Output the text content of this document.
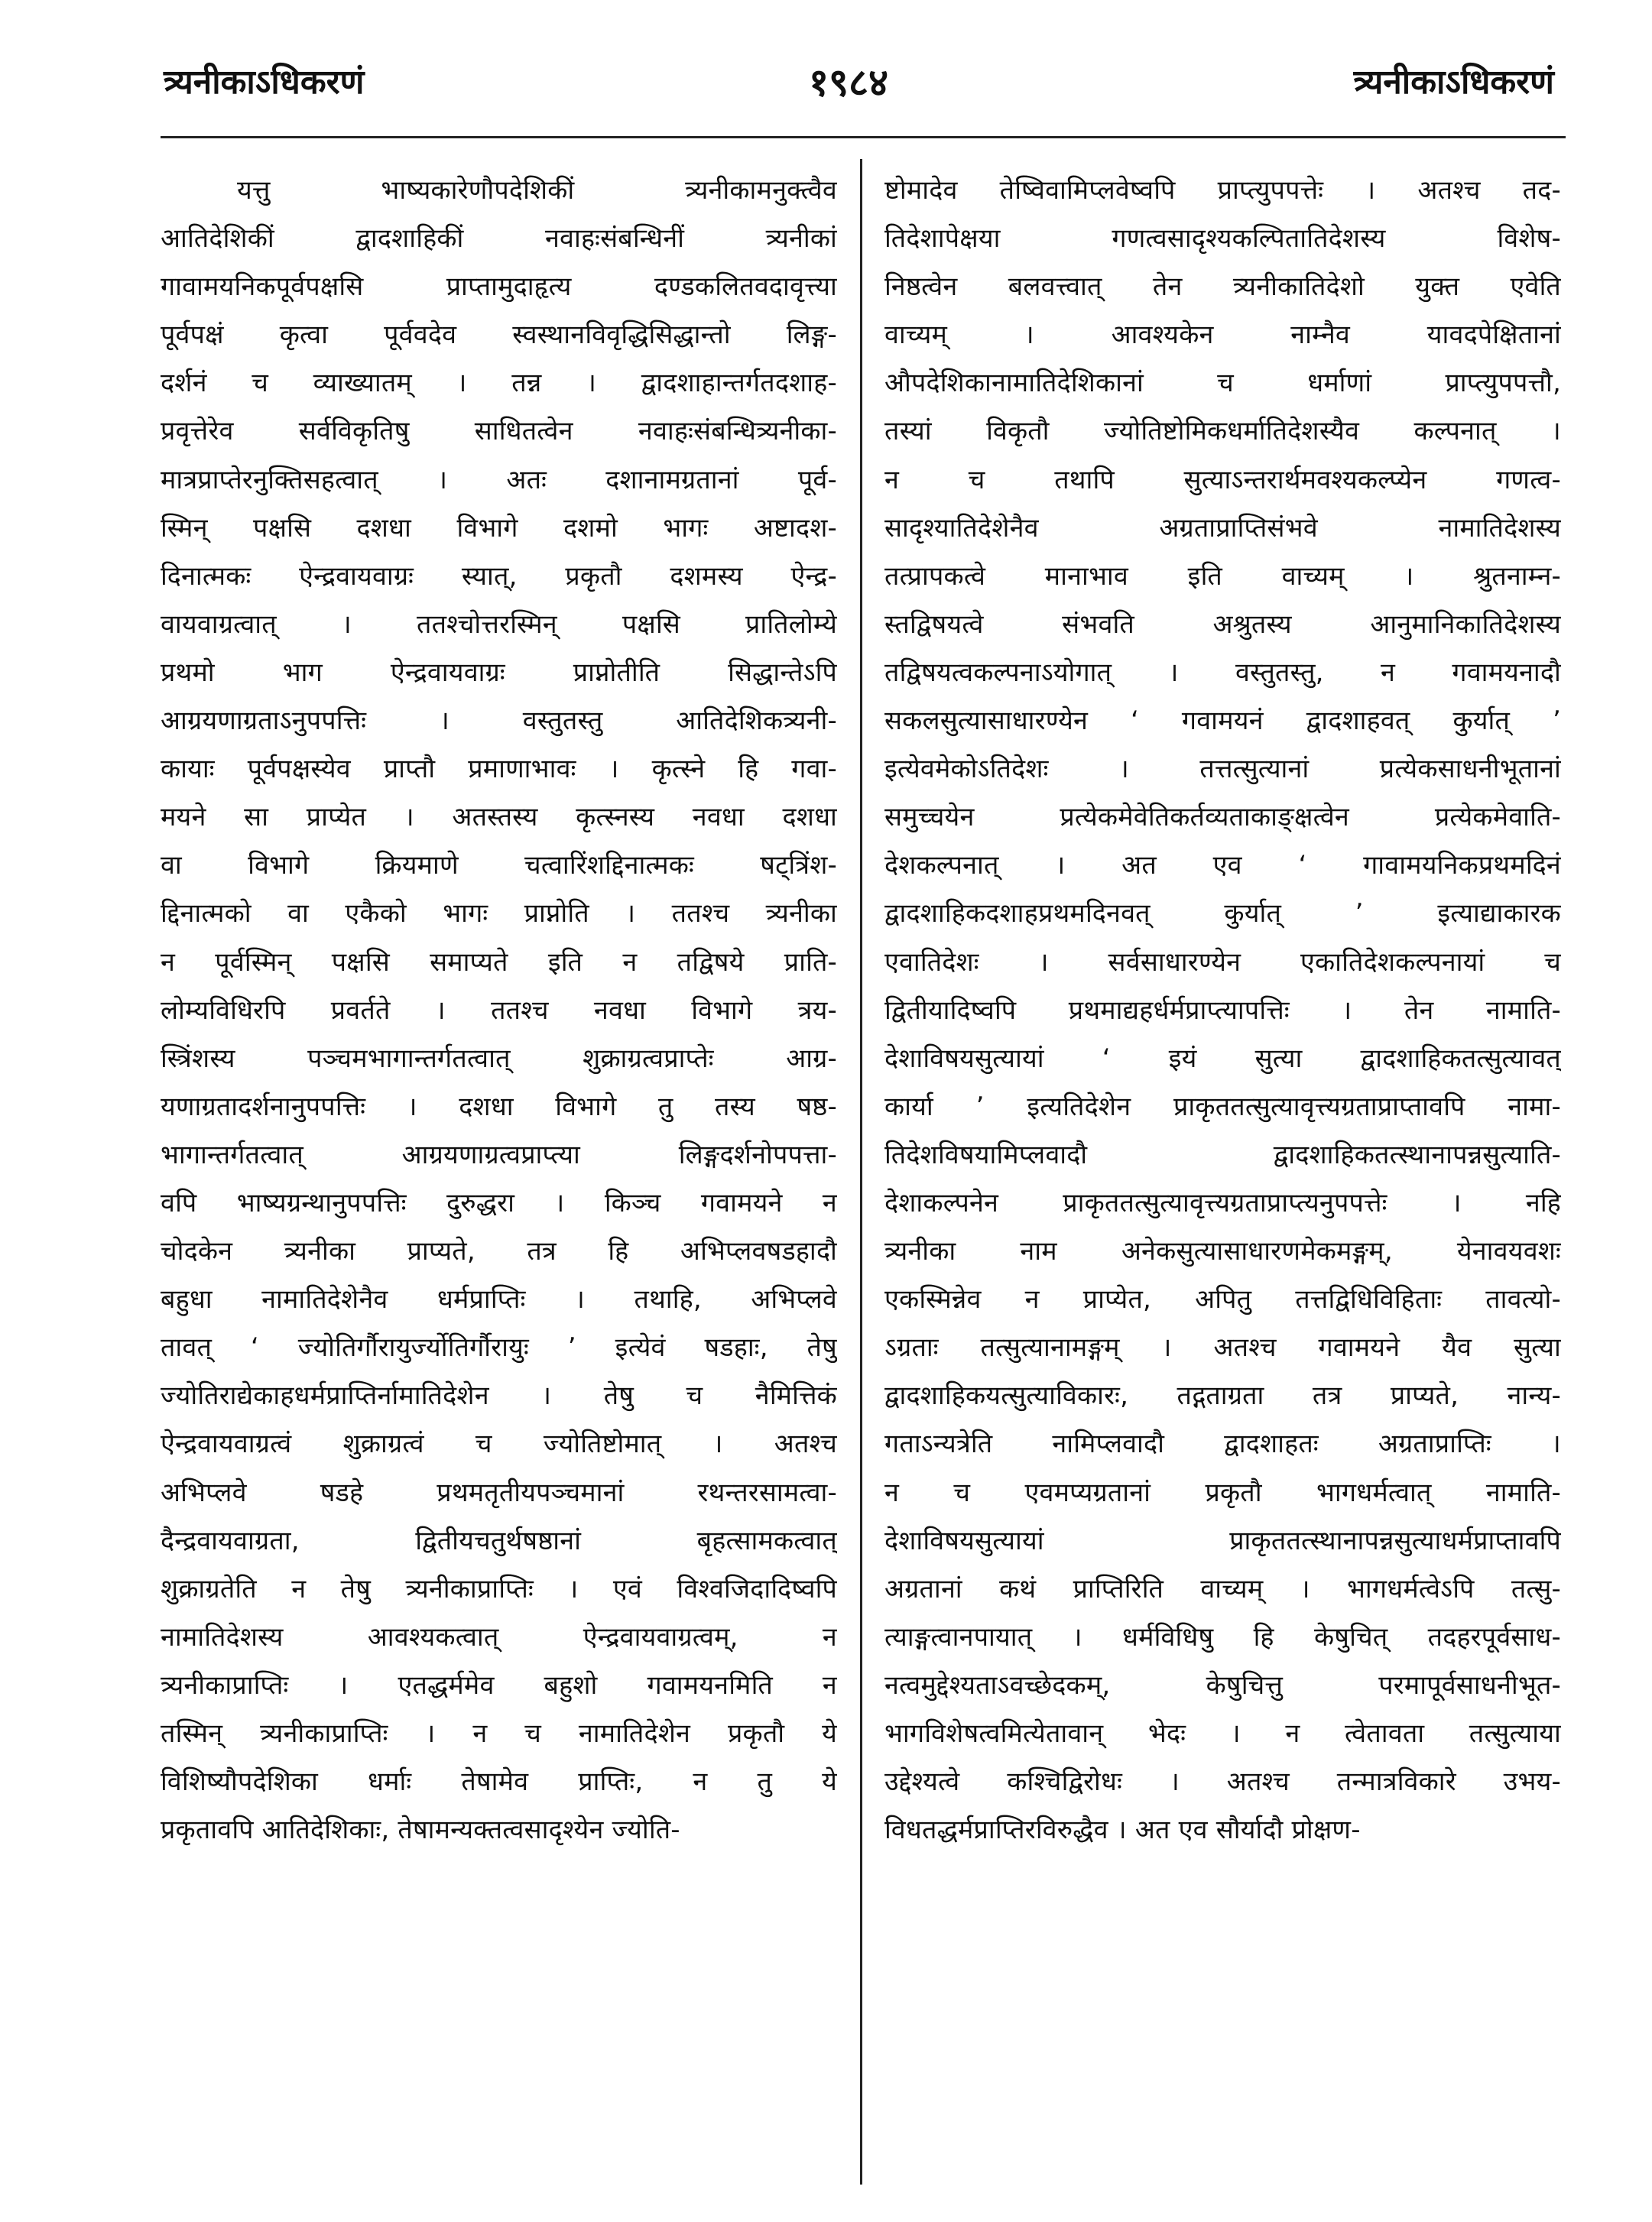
त्र्यनीकाऽधिकरणं	१९८४	त्र्यनीकाऽधिकरणं
यत्तु भाष्यकारेणौपदेशिकीं त्र्यनीकामनुक्त्वैव
आतिदेशिकीं द्वादशाहिकीं नवाहःसंबन्धिनीं त्र्यनीकां
गावामयनिकपूर्वपक्षसि प्राप्तामुदाहृत्य दण्डकलितवदावृत्त्या
पूर्वपक्षं कृत्वा पूर्ववदेव स्वस्थानविवृद्धिसिद्धान्तो लिङ्ग-
दर्शनं च व्याख्यातम् । तन्न । द्वादशाहान्तर्गतदशाह-
प्रवृत्तेरेव सर्वविकृतिषु साधितत्वेन नवाहःसंबन्धित्र्यनीका-
मात्रप्राप्तेरनुक्तिसहत्वात् । अतः दशानामग्रतानां पूर्व-
स्मिन् पक्षसि दशधा विभागे दशमो भागः अष्टादश-
दिनात्मकः ऐन्द्रवायवाग्रः स्यात्, प्रकृतौ दशमस्य ऐन्द्र-
वायवाग्रत्वात् । ततश्चोत्तरस्मिन् पक्षसि प्रातिलोम्ये
प्रथमो भाग ऐन्द्रवायवाग्रः प्राप्नोतीति सिद्धान्तेऽपि
आग्रयणाग्रताऽनुपपत्तिः । वस्तुतस्तु आतिदेशिकत्र्यनी-
कायाः पूर्वपक्षस्येव प्राप्तौ प्रमाणाभावः । कृत्स्ने हि गवा-
मयने सा प्राप्येत । अतस्तस्य कृत्स्नस्य नवधा दशधा
वा विभागे क्रियमाणे चत्वारिंशद्दिनात्मकः षट्त्रिंश-
द्दिनात्मको वा एकैको भागः प्राप्नोति । ततश्च त्र्यनीका
न पूर्वस्मिन् पक्षसि समाप्यते इति न तद्विषये प्राति-
लोम्यविधिरपि प्रवर्तते । ततश्च नवधा विभागे त्रय-
स्त्रिंशस्य पञ्चमभागान्तर्गतत्वात् शुक्राग्रत्वप्राप्तेः आग्र-
यणाग्रतादर्शनानुपपत्तिः । दशधा विभागे तु तस्य षष्ठ-
भागान्तर्गतत्वात् आग्रयणाग्रत्वप्राप्त्या लिङ्गदर्शनोपपत्ता-
वपि भाष्यग्रन्थानुपपत्तिः दुरुद्धरा । किञ्च गवामयने न
चोदकेन त्र्यनीका प्राप्यते, तत्र हि अभिप्लवषडहादौ
बहुधा नामातिदेशेनैव धर्मप्राप्तिः । तथाहि, अभिप्लवे
तावत् ‘ ज्योतिर्गौरायुर्ज्योतिर्गौरायुः ’ इत्येवं षडहाः, तेषु
ज्योतिराद्येकाहधर्मप्राप्तिर्नामातिदेशेन । तेषु च नैमित्तिकं
ऐन्द्रवायवाग्रत्वं शुक्राग्रत्वं च ज्योतिष्टोमात् । अतश्च
अभिप्लवे षडहे प्रथमतृतीयपञ्चमानां रथन्तरसामत्वा-
दैन्द्रवायवाग्रता, द्वितीयचतुर्थषष्ठानां बृहत्सामकत्वात्
शुक्राग्रतेति न तेषु त्र्यनीकाप्राप्तिः । एवं विश्वजिदादिष्वपि
नामातिदेशस्य आवश्यकत्वात् ऐन्द्रवायवाग्रत्वम्, न
त्र्यनीकाप्राप्तिः । एतद्धर्ममेव बहुशो गवामयनमिति न
तस्मिन् त्र्यनीकाप्राप्तिः । न च नामातिदेशेन प्रकृतौ ये
विशिष्यौपदेशिका धर्माः तेषामेव प्राप्तिः, न तु ये
प्रकृतावपि आतिदेशिकाः, तेषामन्यक्तत्वसादृश्येन ज्योति-
ष्टोमादेव तेष्विवामिप्लवेष्वपि प्राप्त्युपपत्तेः । अतश्च तद-
तिदेशापेक्षया गणत्वसादृश्यकल्पितातिदेशस्य विशेष-
निष्ठत्वेन बलवत्त्वात् तेन त्र्यनीकातिदेशो युक्त एवेति
वाच्यम् । आवश्यकेन नाम्नैव यावदपेक्षितानां
औपदेशिकानामातिदेशिकानां च धर्माणां प्राप्त्युपपत्तौ,
तस्यां विकृतौ ज्योतिष्टोमिकधर्मातिदेशस्यैव कल्पनात् ।
न च तथापि सुत्याऽन्तरार्थमवश्यकल्प्येन गणत्व-
सादृश्यातिदेशेनैव अग्रताप्राप्तिसंभवे नामातिदेशस्य
तत्प्रापकत्वे मानाभाव इति वाच्यम् । श्रुतनाम्न-
स्तद्विषयत्वे संभवति अश्रुतस्य आनुमानिकातिदेशस्य
तद्विषयत्वकल्पनाऽयोगात् । वस्तुतस्तु, न गवामयनादौ
सकलसुत्यासाधारण्येन ‘ गवामयनं द्वादशाहवत् कुर्यात् ’
इत्येवमेकोऽतिदेशः । तत्तत्सुत्यानां प्रत्येकसाधनीभूतानां
समुच्चयेन प्रत्येकमेवेतिकर्तव्यताकाङ्क्षत्वेन प्रत्येकमेवाति-
देशकल्पनात् । अत एव ‘ गावामयनिकप्रथमदिनं
द्वादशाहिकदशाहप्रथमदिनवत् कुर्यात् ’ इत्याद्याकारक
एवातिदेशः । सर्वसाधारण्येन एकातिदेशकल्पनायां च
द्वितीयादिष्वपि प्रथमाद्यहर्धर्मप्राप्त्यापत्तिः । तेन नामाति-
देशाविषयसुत्यायां ‘ इयं सुत्या द्वादशाहिकतत्सुत्यावत्
कार्या ’ इत्यतिदेशेन प्राकृततत्सुत्यावृत्त्यग्रताप्राप्तावपि नामा-
तिदेशविषयामिप्लवादौ द्वादशाहिकतत्स्थानापन्नसुत्याति-
देशाकल्पनेन प्राकृततत्सुत्यावृत्त्यग्रताप्राप्त्यनुपपत्तेः । नहि
त्र्यनीका नाम अनेकसुत्यासाधारणमेकमङ्गम्, येनावयवशः
एकस्मिन्नेव न प्राप्येत, अपितु तत्तद्विधिविहिताः तावत्यो-
ऽग्रताः तत्सुत्यानामङ्गम् । अतश्च गवामयने यैव सुत्या
द्वादशाहिकयत्सुत्याविकारः, तद्गताग्रता तत्र प्राप्यते, नान्य-
गताऽन्यत्रेति नामिप्लवादौ द्वादशाहतः अग्रताप्राप्तिः ।
न च एवमप्यग्रतानां प्रकृतौ भागधर्मत्वात् नामाति-
देशाविषयसुत्यायां प्राकृततत्स्थानापन्नसुत्याधर्मप्राप्तावपि
अग्रतानां कथं प्राप्तिरिति वाच्यम् । भागधर्मत्वेऽपि तत्सु-
त्याङ्गत्वानपायात् । धर्मविधिषु हि केषुचित् तदहरपूर्वसाध-
नत्वमुद्देश्यताऽवच्छेदकम्, केषुचित्तु परमापूर्वसाधनीभूत-
भागविशेषत्वमित्येतावान् भेदः । न त्वेतावता तत्सुत्याया
उद्देश्यत्वे कश्चिद्विरोधः । अतश्च तन्मात्रविकारे उभय-
विधतद्धर्मप्राप्तिरविरुद्धैव । अत एव सौर्यादौ प्रोक्षण-
